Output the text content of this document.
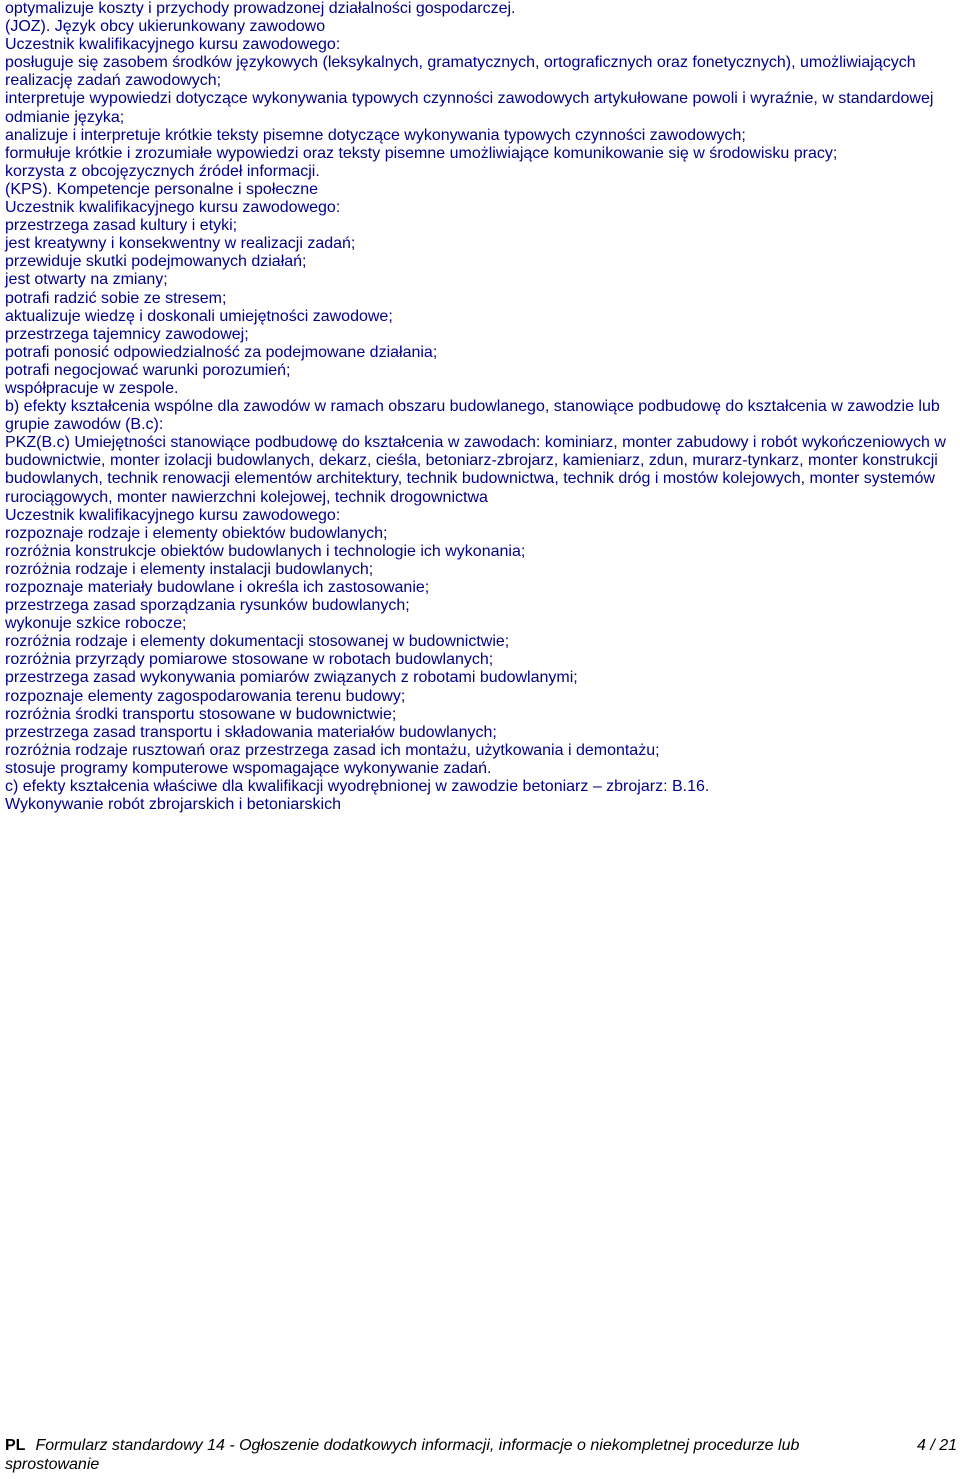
optymalizuje koszty i przychody prowadzonej działalności gospodarczej.
(JOZ). Język obcy ukierunkowany zawodowo
Uczestnik kwalifikacyjnego kursu zawodowego:
posługuje się zasobem środków językowych (leksykalnych, gramatycznych, ortograficznych oraz fonetycznych), umożliwiających realizację zadań zawodowych;
interpretuje wypowiedzi dotyczące wykonywania typowych czynności zawodowych artykułowane powoli i wyraźnie, w standardowej odmianie języka;
analizuje i interpretuje krótkie teksty pisemne dotyczące wykonywania typowych czynności zawodowych;
formułuje krótkie i zrozumiałe wypowiedzi oraz teksty pisemne umożliwiające komunikowanie się w środowisku pracy;
korzysta z obcojęzycznych źródeł informacji.
(KPS). Kompetencje personalne i społeczne
Uczestnik kwalifikacyjnego kursu zawodowego:
przestrzega zasad kultury i etyki;
jest kreatywny i konsekwentny w realizacji zadań;
przewiduje skutki podejmowanych działań;
jest otwarty na zmiany;
potrafi radzić sobie ze stresem;
aktualizuje wiedzę i doskonali umiejętności zawodowe;
przestrzega tajemnicy zawodowej;
potrafi ponosić odpowiedzialność za podejmowane działania;
potrafi negocjować warunki porozumień;
współpracuje w zespole.
b) efekty kształcenia wspólne dla zawodów w ramach obszaru budowlanego, stanowiące podbudowę do kształcenia w zawodzie lub grupie zawodów (B.c):
PKZ(B.c) Umiejętności stanowiące podbudowę do kształcenia w zawodach: kominiarz, monter zabudowy i robót wykończeniowych w budownictwie, monter izolacji budowlanych, dekarz, cieśla, betoniarz-zbrojarz, kamieniarz, zdun, murarz-tynkarz, monter konstrukcji budowlanych, technik renowacji elementów architektury, technik budownictwa, technik dróg i mostów kolejowych, monter systemów rurociągowych, monter nawierzchni kolejowej, technik drogownictwa
Uczestnik kwalifikacyjnego kursu zawodowego:
rozpoznaje rodzaje i elementy obiektów budowlanych;
rozróżnia konstrukcje obiektów budowlanych i technologie ich wykonania;
rozróżnia rodzaje i elementy instalacji budowlanych;
rozpoznaje materiały budowlane i określa ich zastosowanie;
przestrzega zasad sporządzania rysunków budowlanych;
wykonuje szkice robocze;
rozróżnia rodzaje i elementy dokumentacji stosowanej w budownictwie;
rozróżnia przyrządy pomiarowe stosowane w robotach budowlanych;
przestrzega zasad wykonywania pomiarów związanych z robotami budowlanymi;
rozpoznaje elementy zagospodarowania terenu budowy;
rozróżnia środki transportu stosowane w budownictwie;
przestrzega zasad transportu i składowania materiałów budowlanych;
rozróżnia rodzaje rusztowań oraz przestrzega zasad ich montażu, użytkowania i demontażu;
stosuje programy komputerowe wspomagające wykonywanie zadań.
c) efekty kształcenia właściwe dla kwalifikacji wyodrębnionej w zawodzie betoniarz – zbrojarz: B.16.
Wykonywanie robót zbrojarskich i betoniarskich
PL Formularz standardowy 14 - Ogłoszenie dodatkowych informacji, informacje o niekompletnej procedurze lub sprostowanie
4 / 21
